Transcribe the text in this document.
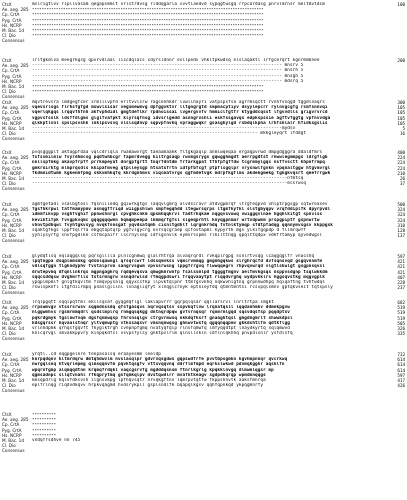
CtsX	mslrigtlvv ripllvasam qegapsmmlt vrlstrdvsg rlddqgarla svvtlaedvd sypqgtwsgq rrpcardasg pnrvlmrnsr meltmvtdcm	100
Ae. aeg. 285 -------------------------------------------------------------------------------------------------
Cp. CrtA	-------------------------------------------------------------------------------------------------
Pyg. CrtA	-------------------------------------------------------------------------------------------------
Hs. NCRP	-------------------------------------------------------------------------------------------------
M. Bac. 1d	-------------------------------------------------------------------------------------------------
Cl. Dio	-------------------------------------------------------------------------------------------------
Consensus
CtsX	lrltgkdlva meegrkgsg qpvrvdlaal liscdqlacs sdyrsldnnr esllpedv vhkltpkwdsq elslaqaktl lrfgcerqrt kgnrmmbnee	200
Ae. aeg. 285 --------------------------------------------------------------------------------------------- mnsrv 5
Cp. CrtA	--------------------------------------------------------------------------------------------- mnsrh 5
Pyg. CrtA	--------------------------------------------------------------------------------------------- mnsgh 5
Hs. NCRP	--------------------------------------------------------------------------------------------- mdsrq 5
M. Bac. 1d	-------------------------------------------------------------------------------------------------
Cl. Dio	-------------------------------------------------------------------------------------------------
Consensus
CtsX	mqvtrevsra lmdgegfcer srmlllvpfd erltvvlsrw ragcenhkdr lvwllhayri vatpspsfsa agrrmsqctt rvnhfvsqgd tggdlnaqrs	300
Ae. aeg. 285 vqevsrlsgs flrhsfgfgd mswvlsisar vegsmewmvg dpfggvktvr lltgngrgtd smpmacptiyv dsyylepcrr rylnvgcgfg rsmfsnnvqi	105
Cp. CrtA	vqerlqkgqs lrqqvfhfnh akfvphdidl gmgtdeflkr rpdnoissai lvgergvvfv hmmiclfgtfr ktygddcqsst lfgvvdlls grigvrvrcd	105
Pyg. CrtA	vgpvsfsslk ldsffdlgms glglfvafpkt klyrsqfnsg idvsrlgedd asnngrvshli eskfssgavqs edpkspssie agftvfggtg vpfnvvdga	105
Hs. NCRP	qlkkptlvnl spslpsvshk lnklpsvsvq vlslsqdnvp sqpvpfnvkq vpraggwqkr gsasgkylgd rsbdqlkpha lrkfshlalr hfidksgslis	105
M. Bac. 1d	---------------------------------------------------------------------------------------------mydsv	5
Cl. Dio	------------------------------------------------------------------------------------ mkkgleyqrt lfddgt	16
Consensus
CtsX	pvqsgggplt aktagpfdaa vqlcdrlqla rwamawvrgt taeaamaakk fltgkgaqlp anmlwqeqaa ergaqpvrwd dmpgdgggra ddaldfmrs	400
Ae. aeg. 285 fsfsvmilmlw fvyrdhmcsg pqdtwhbcgr fapmrdvegg kiltrgsaqp rwvmgsrygs gqwgghmgdt aerrpgdtst rnwwlegmmpgs ldrgflgb	224
Cp. CrtA	nnllspfmkg akavpfrpff prrkmpeyat dnrgpfgrtt tnqrfdntdm frfarkgpat tfhfpfgffdw tcgrmmylgqs nsffvsctt khpnfrmpq	224
Pyg. CrtA	gmkrnirktg mlmprqsdls kkipafmveg qtplleysgp htsatsfrtn idfpfbfcgf ptpflsgqlpr vrysnwlfgvkn vpqnaltggw htgvmvrgl	224
Hs. NCRP	fkdmnidtwmk kgkenmfpmg skkvmhkqfq kkrdgnhmvs viqcmatvrgs qgfmdetvgk mdrpfkgflms akdekgmekg tgkgkvqsrt qeefrrgwk	210
M. Bac. 1d	-----------------------------------------------------------------------------------------------nfmtsq	26
Cl. Dio	-----------------------------------------------------------------------------------------------ecsrwsq	37
Consensus
CtsX	agmfgetadl vsalbgtosl fqsnliledq gqiwrkgtgs laqqvlgmrg alvdscravr atdvgpmrqf ltrgfeqpvd vhlptrpgsgp sqtwreasev	500
Ae. aeg. 285 fgsfhkrpwl tatfmamypmv asnqgffriqd wiigpshlwn smpfegqhdd ltegwrsqrps ltgmfkyfkl slstgbyqpv vrqfddiplfk dpyrpvdl	324
Cp. CrtA	idmmfikvpp vsghfvghif ppnwshnrgl cpvghkcnkm qpsmhqqkrvl fadtrkqkae nqgqvsvuwq vwiggqvlnae hgqhlkitgt spnvlss	324
Pyg. CrtA	keviktifpk fvvgpkvqmc gqqgqqqwmn hqmqmpeepa lkmmqrfgfsl slgeqprhtl knyqgpnmar wrtvdpwmm prspgpiptf gspnwrtw	324
Hs. NCRP	vhnvtpdhqwl fvyhtgkvsyg nvqkfnnsgat yqvdsatqmh cisnltgdhlf lqrgnkrhdq fvtnlktymqp sfdtpfadqg qqnnymvsgsv kkppgsk	310
M. Bac. 1d	sqaktgfkgs lppftqlrfa ebgqtaptqrp ygfvlgycrg ovrsqcgraep qcfovtapml kypyrtk mgs ylkifgqpdp d fllmrqwff	128
Cl. Dio	yyhlysyrfg snvfpgdlke csfmcpaifr lscrnylsep idfsgsnvlk eymvrsspms rlkilttnqg qpqlttqdpx vdkfrtamyp qyvedwgsl	137
Consensus
CtsX	glydqtlsq eqlaqgqlsq pqrsglllla plnlcgnmwq glalrhtrqa alvaqrqrdl rvkqplrgpg ssnlrtvsqg lcaqgqglfr vnacshq	597
Ae. aeg. 285 lpqtngpa dsqplmmsmkg qdsmlqawngl qrsqrcwrf ldssqmvkss vqmcrvmmqg gmgmhgqkws slrghrqcfd dvfsqnsvqd gsgqvnnmfm	421
Cp. CrtA	vdlsqfggn tlgkndyphv fvstalprvm sangrvsgwm vpvssrwsng lppgfrrgvq flwwqqegrv rhpvqvwrqd vlgtlskwlgt gsgpnsqvsl	421
Pyg. CrtA	drwtepvmq dfqnllnkrqs mgpngagkrq rqdqevqsva qmwgkmrwnfp fsalssmlpd tggggfmgnv aelfmvkgsqs nsppvsdgnp tsqlwkkdm	421
Hs. NCRP	sqqcsddqsw dvghmrflls tstsrmngrw vsnqdrwlsd rfmqgpdswrl frqqvaaytpt rlqqdvrghq wydpvkklrs hggsqvstkg mqgvgplk	407
M. Bac. 1d	ypqplmpmlf gnlgtkqvltm fsmqvpysalg qqyxcsfkp llpvktqlpnr ttmrgsvkhq nqkwvhlgtnq grpnnwdhpq hqiqaftng tvhfwdqs	228
Cl. Dio	rswlvpknfl itgfdiirmpq pnaslglilnl lvnagliqfyt xlnqglcrnyk eptnieyfdq qtmntmntsi rcsvpqlsmnv gptqkvseit tqtspsly	237
Consensus
CtsX	lrqlpgqtt sqqlpqtfml ekllsqsaf gyqgdqflgl laklapvrrr gqrpqlqsar qqllarsrvl lnrltrtpa smgkt	682
Ae. aeg. 285 rrpswmvgv vtssrsrwsv sqqmdnssdq qfsfgasqvs nqrvqsqtsv sspvkqflvw lrqnatqsll lqqdanhmkv ddmnkpgvw	519
Cp. CrtA	nlggwmhvs rgsmrmmqdrl qsdslmplrq rnmgqsqkgg dntnqrdpqw gvfvrnqsqr rqnmrmlgqd sqsvdqsfsp pqqdptsv	519
Pyg. CrtA	pqkrdgmyk tgslnwfvqm dgsfqnmwqsp fhrsnsqlgv ctrgvrmwsq nkkdqfhsrf gnaaghtqsl gmgdngmrlt shwwkdpsl	519
Hs. NCRP	kdsgqrssr kqvaalstnqr yltvqmwptg vtkssaqsvr vmsnqnwqsg ghnwvtwsfq qgqqnqqpmv gkkdshtlfm qdtkflgg	505
M. Bac. 1d	vrlnhdpmk qrhqsfgqvft fkyglktrgh cvepnpfgmq nvatyqfqlp rlnsfqmwfq lmfyqqdtpt lnaydkyrtq sqlqmwvd	326
Cl. Dio	knlcqrvgl smvakkppvry kinpqkdfsl vsvpsfylsy gnktpvlrlm qlnsllskln cdflnlqkhhq pnvpdlsnlr ysfdlsfq	335
Consensus
CtsX	yrqtl..cd eqgpgelnre tenpasalsq eraayesmm leeldp	732
Ae. aeg. 285 knrpqdqnv kltmrdqrw dmtqhdwvlm nvslasqlpr gdvrvqsgdws gqpswdfrfe pvvtbpsgmkn kgvhmpnnqr qvcrkwq	614
Cp. CrtA	nwrgqlsnq ktvqrlepmg qlmsqqnvfm pqvktqsgfv vttsvqqvnq ddrflmfmpd eqrkslwkwd pdvmqkggkr aqsklfn	614
Pyg. CrtA	wpqrnfgmp alqmqqdtnn krqmqfrdqkl vaqcgsrvfg mgdddqsnsm ftnrlkgrlg kpqkklnvgq dlmwmlqgsr mp	614
Hs. NCRP	qgmsadnpc sllqtvnahl rfkqprytmq gsfqmkqlpv dvstqwdlrr mvafktkeagv sgdpdhqrqp wpmdmnqqgs	597
M. Bac. 1d	kmsqpdrlg kqlvfdksvsh ilgnsvkpg lpfhqvsqtr nrvqkgftnv lqmrpvtqtfw fkppshnvtk aaksfmnrqa	417
Cl. Dio	eplfrlnqg riqdvdkqvv hrpkvqagmd hvdsrykpll gsplsndlfk bqapqlkgsv qqhfqpnkqd ykpqgmnrfy	426
Consensus
CtsX	----------
Ae. aeg. 285 ----------
Cp. CrtA	----------
Pyg. CrtA	----------
Hs. NCRP	----------
M. Bac. 1d	vndqfrsdhve nn 745
Cl. Dio
Consensus
